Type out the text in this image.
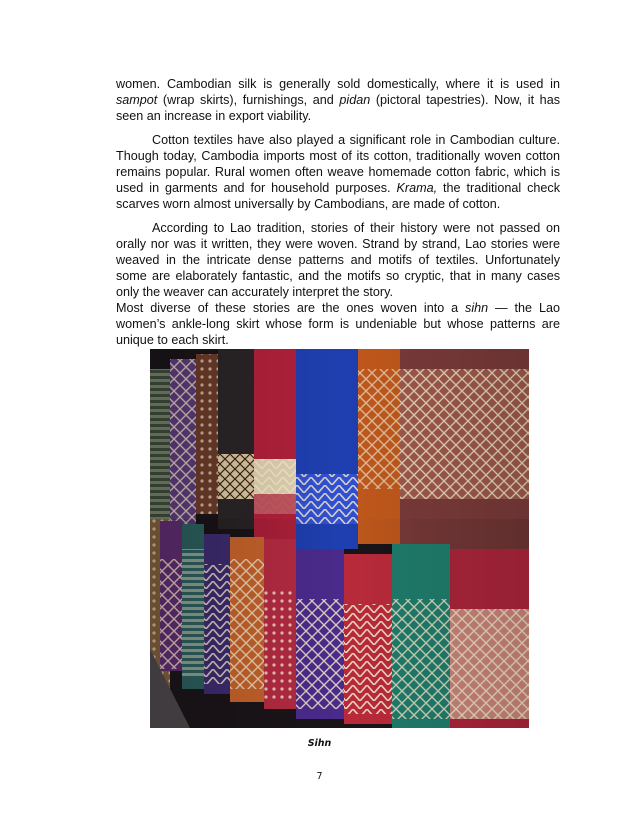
women. Cambodian silk is generally sold domestically, where it is used in sampot (wrap skirts), furnishings, and pidan (pictoral tapestries). Now, it has seen an increase in export viability.

Cotton textiles have also played a significant role in Cambodian culture. Though today, Cambodia imports most of its cotton, traditionally woven cotton remains popular. Rural women often weave homemade cotton fabric, which is used in garments and for household purposes. Krama, the traditional check scarves worn almost universally by Cambodians, are made of cotton.

According to Lao tradition, stories of their history were not passed on orally nor was it written, they were woven. Strand by strand, Lao stories were weaved in the intricate dense patterns and motifs of textiles. Unfortunately some are elaborately fantastic, and the motifs so cryptic, that in many cases only the weaver can accurately interpret the story.

Most diverse of these stories are the ones woven into a sihn — the Lao women’s ankle-long skirt whose form is undeniable but whose patterns are unique to each skirt.

Sihn
7
